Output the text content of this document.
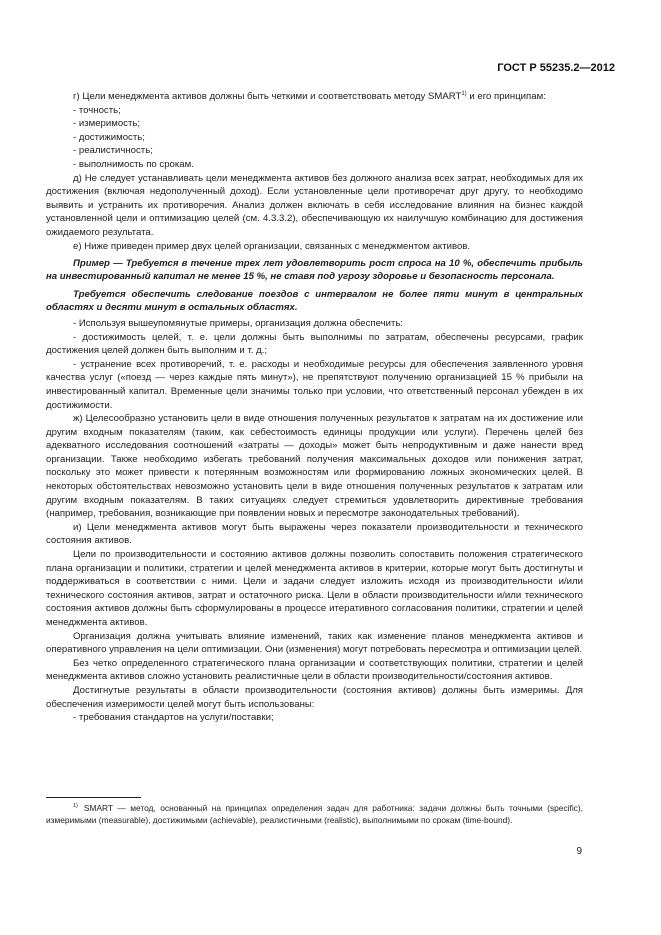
ГОСТ Р 55235.2—2012

г) Цели менеджмента активов должны быть четкими и соответствовать методу SMART$^{1)}$ и его принципам:

- точность;

- измеримость;

- достижимость;

- реалистичность;

- выполнимость по срокам.

д) Не следует устанавливать цели менеджмента активов без должного анализа всех затрат, необходимых для их достижения (включая недополученный доход). Если установленные цели противоречат друг другу, то необходимо выявить и устранить их противоречия. Анализ должен включать в себя исследование влияния на бизнес каждой установленной цели и оптимизацию целей (см. 4.3.3.2), обеспечивающую их наилучшую комбинацию для достижения ожидаемого результата.

е) Ниже приведен пример двух целей организации, связанных с менеджментом активов.

Пример — Требуется в течение трех лет удовлетворить рост спроса на 10 %, обеспечить прибыль на инвестированный капитал не менее 15 %, не ставя под угрозу здоровье и безопасность персонала.

Требуется обеспечить следование поездов с интервалом не более пяти минут в центральных областях и десяти минут в остальных областях.

- Используя вышеупомянутые примеры, организация должна обеспечить:

- достижимость целей, т. е. цели должны быть выполнимы по затратам, обеспечены ресурсами, график достижения целей должен быть выполним и т. д.;

- устранение всех противоречий, т. е. расходы и необходимые ресурсы для обеспечения заявленного уровня качества услуг («поезд — через каждые пять минут»), не препятствуют получению организацией 15 % прибыли на инвестированный капитал. Временные цели значимы только при условии, что ответственный персонал убежден в их достижимости.

ж) Целесообразно установить цели в виде отношения полученных результатов к затратам на их достижение или другим входным показателям (таким, как себестоимость единицы продукции или услуги). Перечень целей без адекватного исследования соотношений «затраты — доходы» может быть непродуктивным и даже нанести вред организации. Также необходимо избегать требований получения максимальных доходов или понижения затрат, поскольку это может привести к потерянным возможностям или формированию ложных экономических целей. В некоторых обстоятельствах невозможно установить цели в виде отношения полученных результатов к затратам или другим входным показателям. В таких ситуациях следует стремиться удовлетворить директивные требования (например, требования, возникающие при появлении новых и пересмотре законодательных требований).

и) Цели менеджмента активов могут быть выражены через показатели производительности и технического состояния активов.

Цели по производительности и состоянию активов должны позволить сопоставить положения стратегического плана организации и политики, стратегии и целей менеджмента активов в критерии, которые могут быть достигнуты и поддерживаться в соответствии с ними. Цели и задачи следует изложить исходя из производительности и/или технического состояния активов, затрат и остаточного риска. Цели в области производительности и/или технического состояния активов должны быть сформулированы в процессе итеративного согласования политики, стратегии и целей менеджмента активов.

Организация должна учитывать влияние изменений, таких как изменение планов менеджмента активов и оперативного управления на цели оптимизации. Они (изменения) могут потребовать пересмотра и оптимизации целей.

Без четко определенного стратегического плана организации и соответствующих политики, стратегии и целей менеджмента активов сложно установить реалистичные цели в области производительности/состояния активов.

Достигнутые результаты в области производительности (состояния активов) должны быть измеримы. Для обеспечения измеримости целей могут быть использованы:

- требования стандартов на услуги/поставки;

$^{1)}$ SMART — метод, основанный на принципах определения задач для работника: задачи должны быть точными (specific), измеримыми (measurable), достижимыми (achievable), реалистичными (realistic), выполнимыми по срокам (time-bound).
9
